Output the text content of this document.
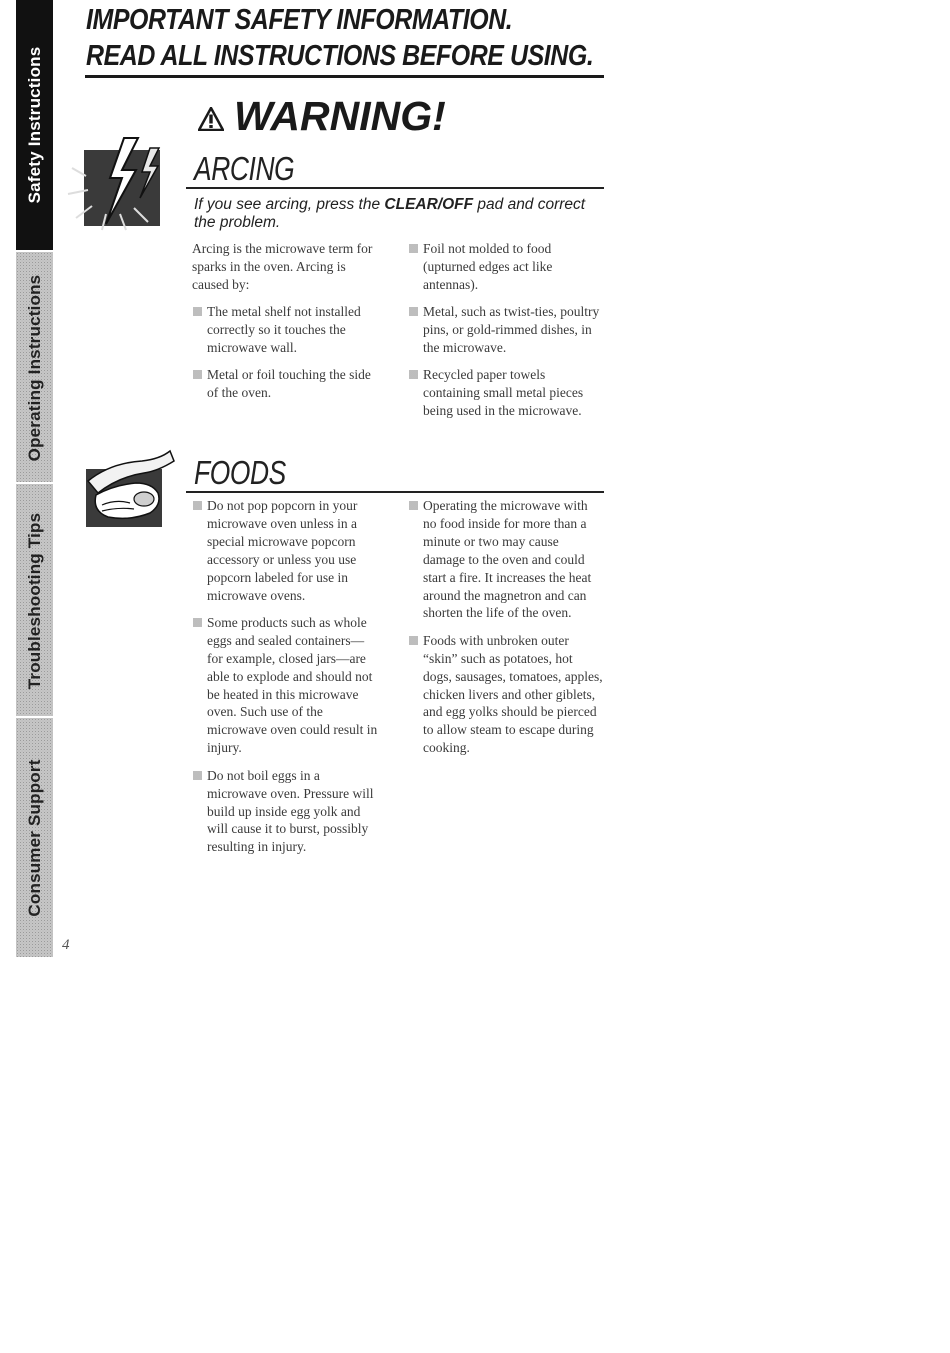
Safety Instructions
Operating Instructions
Troubleshooting Tips
Consumer Support
IMPORTANT SAFETY INFORMATION.
READ ALL INSTRUCTIONS BEFORE USING.
WARNING!
ARCING
If you see arcing, press the CLEAR/OFF pad and correct the problem.

Arcing is the microwave term for sparks in the oven. Arcing is caused by:

The metal shelf not installed correctly so it touches the microwave wall.
Metal or foil touching the side of the oven.
Foil not molded to food (upturned edges act like antennas).
Metal, such as twist-ties, poultry pins, or gold-rimmed dishes, in the microwave.
Recycled paper towels containing small metal pieces being used in the microwave.
FOODS
Do not pop popcorn in your microwave oven unless in a special microwave popcorn accessory or unless you use popcorn labeled for use in microwave ovens.
Some products such as whole eggs and sealed containers—for example, closed jars—are able to explode and should not be heated in this microwave oven. Such use of the microwave oven could result in injury.
Do not boil eggs in a microwave oven. Pressure will build up inside egg yolk and will cause it to burst, possibly resulting in injury.
Operating the microwave with no food inside for more than a minute or two may cause damage to the oven and could start a fire. It increases the heat around the magnetron and can shorten the life of the oven.
Foods with unbroken outer “skin” such as potatoes, hot dogs, sausages, tomatoes, apples, chicken livers and other giblets, and egg yolks should be pierced to allow steam to escape during cooking.
4
